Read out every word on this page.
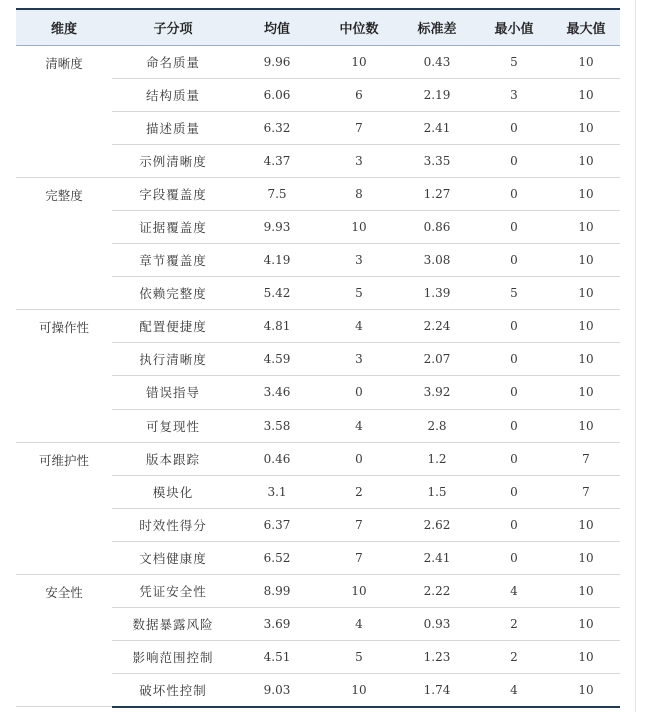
维度	子分项	均值	中位数	标准差	最小值	最大值
清晰度	命名质量	9.96	10	0.43	5	10
	结构质量	6.06	6	2.19	3	10
	描述质量	6.32	7	2.41	0	10
	示例清晰度	4.37	3	3.35	0	10
完整度	字段覆盖度	7.5	8	1.27	0	10
	证据覆盖度	9.93	10	0.86	0	10
	章节覆盖度	4.19	3	3.08	0	10
	依赖完整度	5.42	5	1.39	5	10
可操作性	配置便捷度	4.81	4	2.24	0	10
	执行清晰度	4.59	3	2.07	0	10
	错误指导	3.46	0	3.92	0	10
	可复现性	3.58	4	2.8	0	10
可维护性	版本跟踪	0.46	0	1.2	0	7
	模块化	3.1	2	1.5	0	7
	时效性得分	6.37	7	2.62	0	10
	文档健康度	6.52	7	2.41	0	10
安全性	凭证安全性	8.99	10	2.22	4	10
	数据暴露风险	3.69	4	0.93	2	10
	影响范围控制	4.51	5	1.23	2	10
	破坏性控制	9.03	10	1.74	4	10
